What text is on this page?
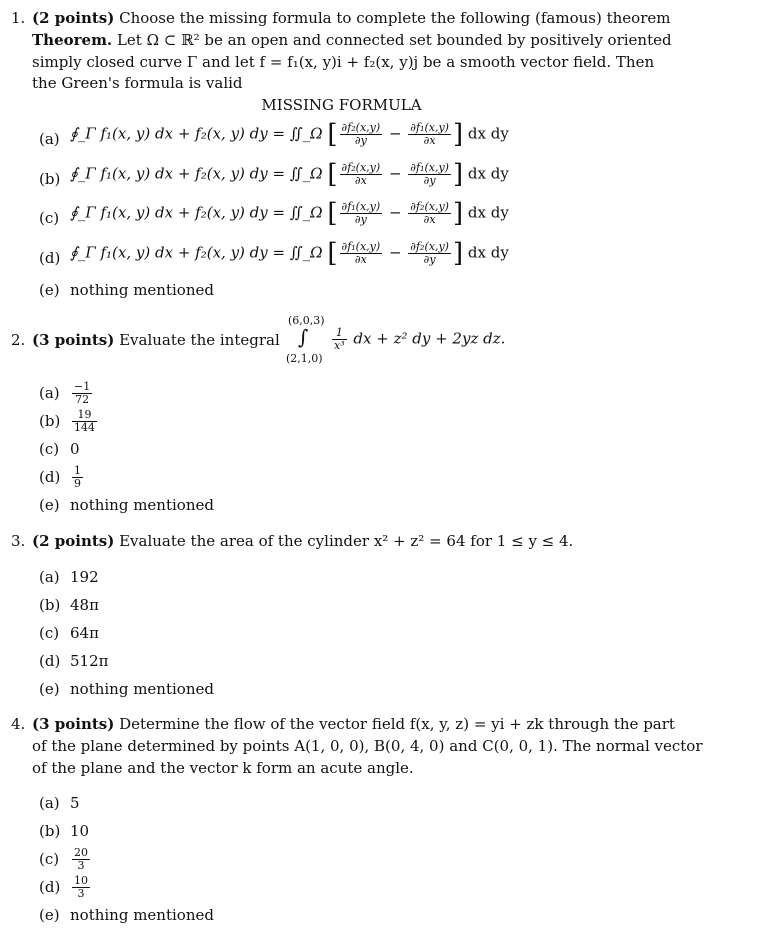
1. (2 points) Choose the missing formula to complete the following (famous) theorem
Theorem. Let Ω ⊂ ℝ² be an open and connected set bounded by positively oriented
simply closed curve Γ and let f = f₁(x, y)i + f₂(x, y)j be a smooth vector field. Then
the Green's formula is valid
MISSING FORMULA
(a) ∮_Γ f₁(x, y) dx + f₂(x, y) dy = ∬_Ω [ $\frac{\text{∂f₂(x,y)}}{\partial y} - \frac{\text{∂f₁(x,y)}}{\partial x}$ ] dx dy
(b) ∮_Γ f₁(x, y) dx + f₂(x, y) dy = ∬_Ω [ $\frac{\text{∂f₂(x,y)}}{\partial x} - \frac{\text{∂f₁(x,y)}}{\partial y}$ ] dx dy
(c) ∮_Γ f₁(x, y) dx + f₂(x, y) dy = ∬_Ω [ $\frac{\text{∂f₁(x,y)}}{\partial y} - \frac{\text{∂f₂(x,y)}}{\partial x}$ ] dx dy
(d) ∮_Γ f₁(x, y) dx + f₂(x, y) dy = ∬_Ω [ $\frac{\text{∂f₁(x,y)}}{\partial x} - \frac{\text{∂f₂(x,y)}}{\partial y}$ ] dx dy
(e) nothing mentioned
2. (3 points) Evaluate the integral
(6,0,3)
∫
(2,1,0)
$\frac{1}{\text{x³}}$ dx + z² dy + 2yz dz.
$(a) \frac{-1}{72}$
$(b) \frac{19}{144}$
(c) 0
$(d) \frac{1}{9}$
(e) nothing mentioned
3. (2 points) Evaluate the area of the cylinder x² + z² = 64 for 1 ≤ y ≤ 4.
(a) 192
(b) 48π
(c) 64π
(d) 512π
(e) nothing mentioned
4. (3 points) Determine the flow of the vector field f(x, y, z) = yi + zk through the part
of the plane determined by points A(1, 0, 0), B(0, 4, 0) and C(0, 0, 1). The normal vector
of the plane and the vector k form an acute angle.
(a) 5
(b) 10
$(c) \frac{20}{3}$
$(d) \frac{10}{3}$
(e) nothing mentioned
